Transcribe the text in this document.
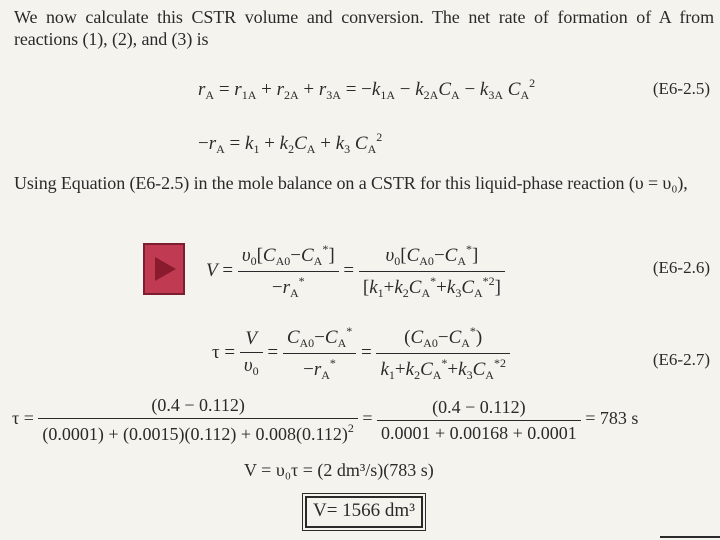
We now calculate this CSTR volume and conversion. The net rate of formation of A from reactions (1), (2), and (3) is

$r_A = r_{1A} + r_{2A} + r_{3A} = -k_{1A} - k_{2A}C_A - k_{3A}$ $C_A^2$	(E6-2.5)
$-r_A = k_1 + k_2C_A + k_3$ $C_A^2$

Using Equation (E6-2.5) in the mole balance on a CSTR for this liquid-phase reaction (υ = υ₀),

$V = \frac{\upsilon_0[C_{A0}-C_A^*]}{-r_A^*} = \frac{\upsilon_0[C_{A0}-C_A^*]}{[k_1+k_2C_A^*+k_3C_A^{*2}]}$	(E6-2.6)
$\tau = \frac{V}{\upsilon_0} = \frac{C_{A0}-C_A^*}{-r_A^*} = \frac{(C_{A0}-C_A^*)}{k_1+k_2C_A^*+k_3C_A^{*2}}$	(E6-2.7)
$\tau = \frac{(0.4 - 0.112)}{(0.0001) + (0.0015)(0.112) + 0.008(0.112)^2} = \frac{(0.4 - 0.112)}{0.0001 + 0.00168 + 0.0001} = 783$ s
V = υ₀τ = (2 dm³/s)(783 s)
V= 1566 dm³
